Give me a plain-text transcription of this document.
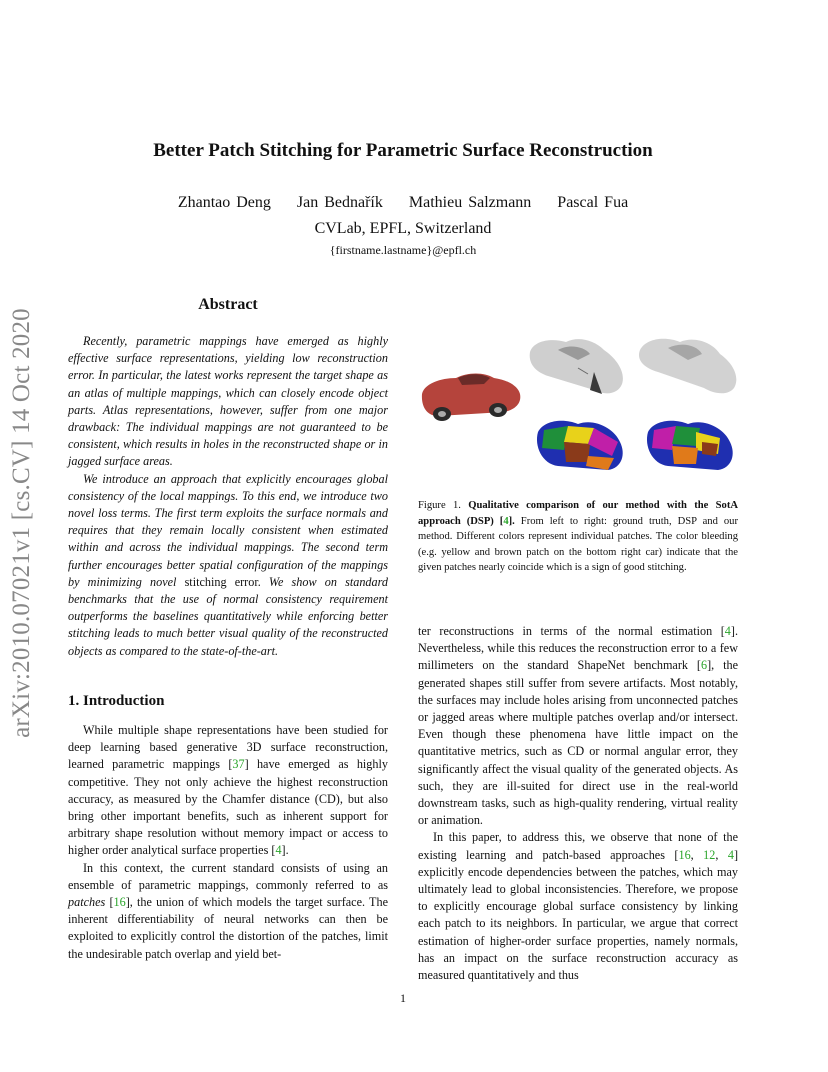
arXiv:2010.07021v1 [cs.CV] 14 Oct 2020
Better Patch Stitching for Parametric Surface Reconstruction
Zhantao Deng Jan Bednařík Mathieu Salzmann Pascal Fua
CVLab, EPFL, Switzerland
{firstname.lastname}@epfl.ch
Abstract

Recently, parametric mappings have emerged as highly effective surface representations, yielding low reconstruction error. In particular, the latest works represent the target shape as an atlas of multiple mappings, which can closely encode object parts. Atlas representations, however, suffer from one major drawback: The individual mappings are not guaranteed to be consistent, which results in holes in the reconstructed shape or in jagged surface areas.

We introduce an approach that explicitly encourages global consistency of the local mappings. To this end, we introduce two novel loss terms. The first term exploits the surface normals and requires that they remain locally consistent when estimated within and across the individual mappings. The second term further encourages better spatial configuration of the mappings by minimizing novel stitching error. We show on standard benchmarks that the use of normal consistency requirement outperforms the baselines quantitatively while enforcing better stitching leads to much better visual quality of the reconstructed objects as compared to the state-of-the-art.

1. Introduction

While multiple shape representations have been studied for deep learning based generative 3D surface reconstruction, learned parametric mappings [37] have emerged as highly competitive. They not only achieve the highest reconstruction accuracy, as measured by the Chamfer distance (CD), but also bring other important benefits, such as inherent support for arbitrary shape resolution without memory impact or access to higher order analytical surface properties [4].

In this context, the current standard consists of using an ensemble of parametric mappings, commonly referred to as patches [16], the union of which models the target surface. The inherent differentiability of neural networks can then be exploited to explicitly control the distortion of the patches, limit the undesirable patch overlap and yield bet-

ter reconstructions in terms of the normal estimation [4]. Nevertheless, while this reduces the reconstruction error to a few millimeters on the standard ShapeNet benchmark [6], the generated shapes still suffer from severe artifacts. Most notably, the surfaces may include holes arising from unconnected patches or jagged areas where multiple patches overlap and/or intersect. Even though these phenomena have little impact on the quantitative metrics, such as CD or normal angular error, they significantly affect the visual quality of the generated objects. As such, they are ill-suited for direct use in the real-world downstream tasks, such as high-quality rendering, virtual reality or animation.

In this paper, to address this, we observe that none of the existing learning and patch-based approaches [16, 12, 4] explicitly encode dependencies between the patches, which may ultimately lead to global inconsistencies. Therefore, we propose to explicitly encourage global surface consistency by linking each patch to its neighbors. In particular, we argue that correct estimation of higher-order surface properties, namely normals, has an impact on the surface reconstruction accuracy as measured quantitatively and thus

Figure 1. Qualitative comparison of our method with the SotA approach (DSP) [4]. From left to right: ground truth, DSP and our method. Different colors represent individual patches. The color bleeding (e.g. yellow and brown patch on the bottom right car) indicate that the given patches nearly coincide which is a sign of good stitching.
1
